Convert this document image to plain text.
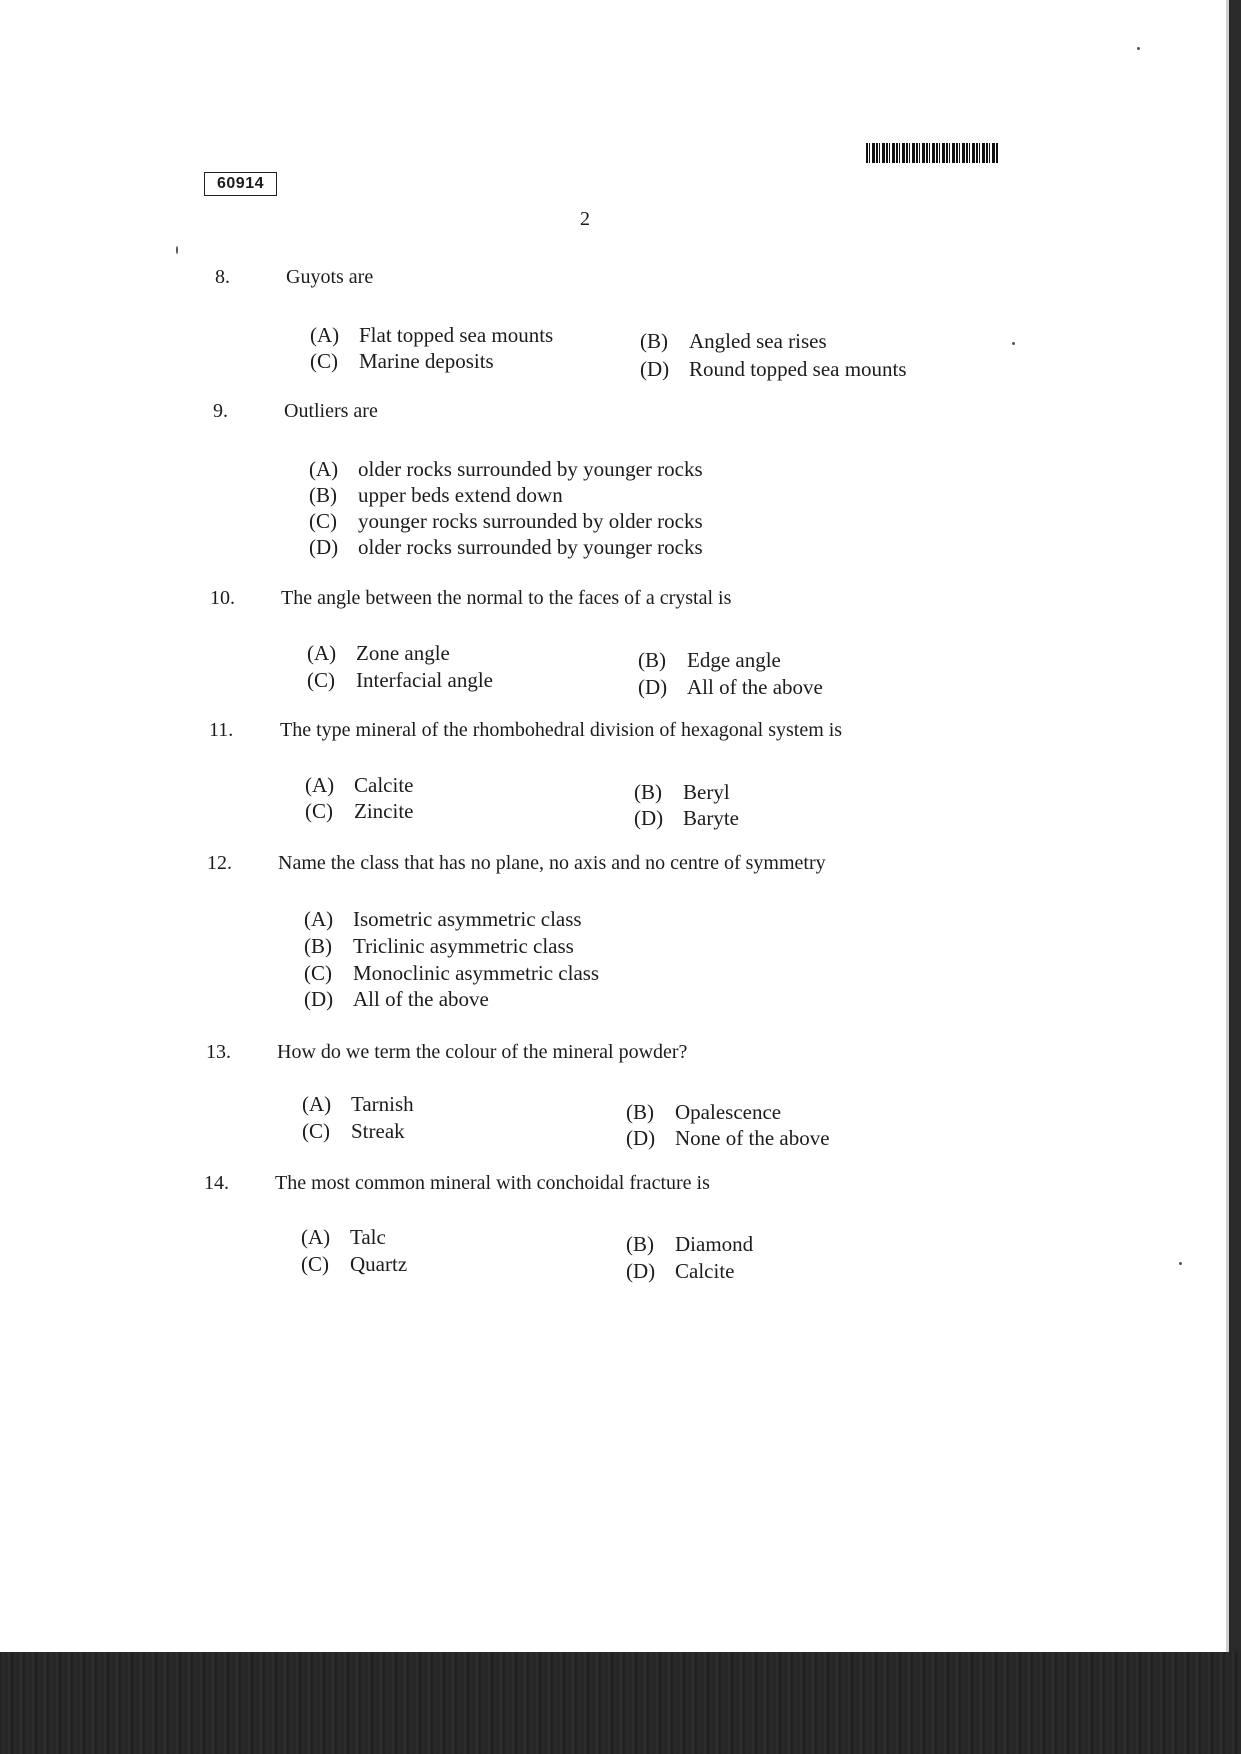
60914
2
8.	Guyots are
(A) Flat topped sea mounts	(B) Angled sea rises
(C) Marine deposits	(D) Round topped sea mounts
9.	Outliers are
(A) older rocks surrounded by younger rocks
(B) upper beds extend down
(C) younger rocks surrounded by older rocks
(D) older rocks surrounded by younger rocks
10. The angle between the normal to the faces of a crystal is
(A) Zone angle	(B) Edge angle
(C) Interfacial angle	(D) All of the above
11. The type mineral of the rhombohedral division of hexagonal system is
(A) Calcite	(B) Beryl
(C) Zincite	(D) Baryte
12. Name the class that has no plane, no axis and no centre of symmetry
(A) Isometric asymmetric class
(B) Triclinic asymmetric class
(C) Monoclinic asymmetric class
(D) All of the above
13. How do we term the colour of the mineral powder?
(A) Tarnish	(B) Opalescence
(C) Streak	(D) None of the above
14. The most common mineral with conchoidal fracture is
(A) Talc	(B) Diamond
(C) Quartz	(D) Calcite
